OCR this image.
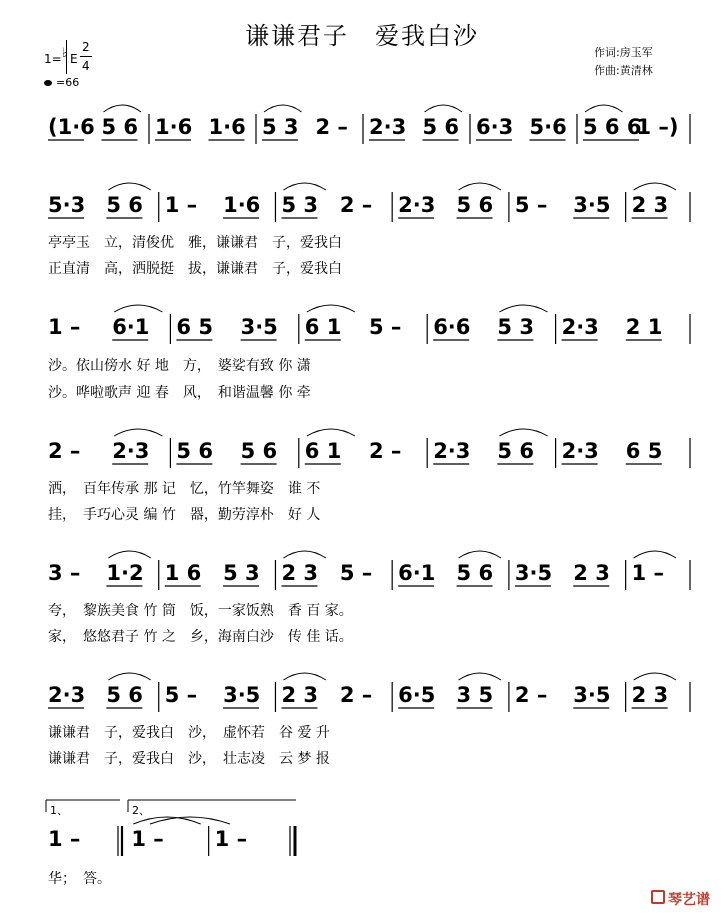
谦谦君子　爱我白沙
作词:房玉军
作曲:黄清林
1= ♭ E
2
4
=66
(1·6 5 6 1·6 1·6 5 3 2 – 2·3 5 6 6·3 5·6 5 6 6
1 –)
5·3 5 6 1 – 1·6 5 3 2 – 2·3 5 6 5 – 3·5 2 3
1 – 6·1 6 5 3·5 6 1 5 – 6·6 5 3 2·3 2 1
2 – 2·3 5 6 5 6 6 1 2 – 2·3 5 6 2·3 6 5
3 – 1·2 1 6 5 3 2 3 5 – 6·1 5 6 3·5 2 3 1 –
2·3 5 6 5 – 3·5 2 3 2 – 6·5 3 5 2 – 3·5 2 3
1 – 1 – 1 –
1、	2、
亭亭玉　立，清俊优　雅，谦谦君　子，爱我白
正直清　高，洒脱挺　拔，谦谦君　子，爱我白
沙。依山傍水 好 地　方，　婆娑有致 你 潇
沙。哗啦歌声 迎 春　风，　和谐温馨 你 牵
洒，　百年传承 那 记　忆，竹竿舞姿　谁 不
挂，　手巧心灵 编 竹　器，勤劳淳朴　好 人
夸，　黎族美食 竹 筒　饭，一家饭熟　香 百 家。
家，　悠悠君子 竹 之　乡，海南白沙　传 佳 话。
谦谦君　子，爱我白　沙，　虚怀若　谷 爱 升
谦谦君　子，爱我白　沙，　壮志凌　云 梦 报
华；　答。
琴艺谱
